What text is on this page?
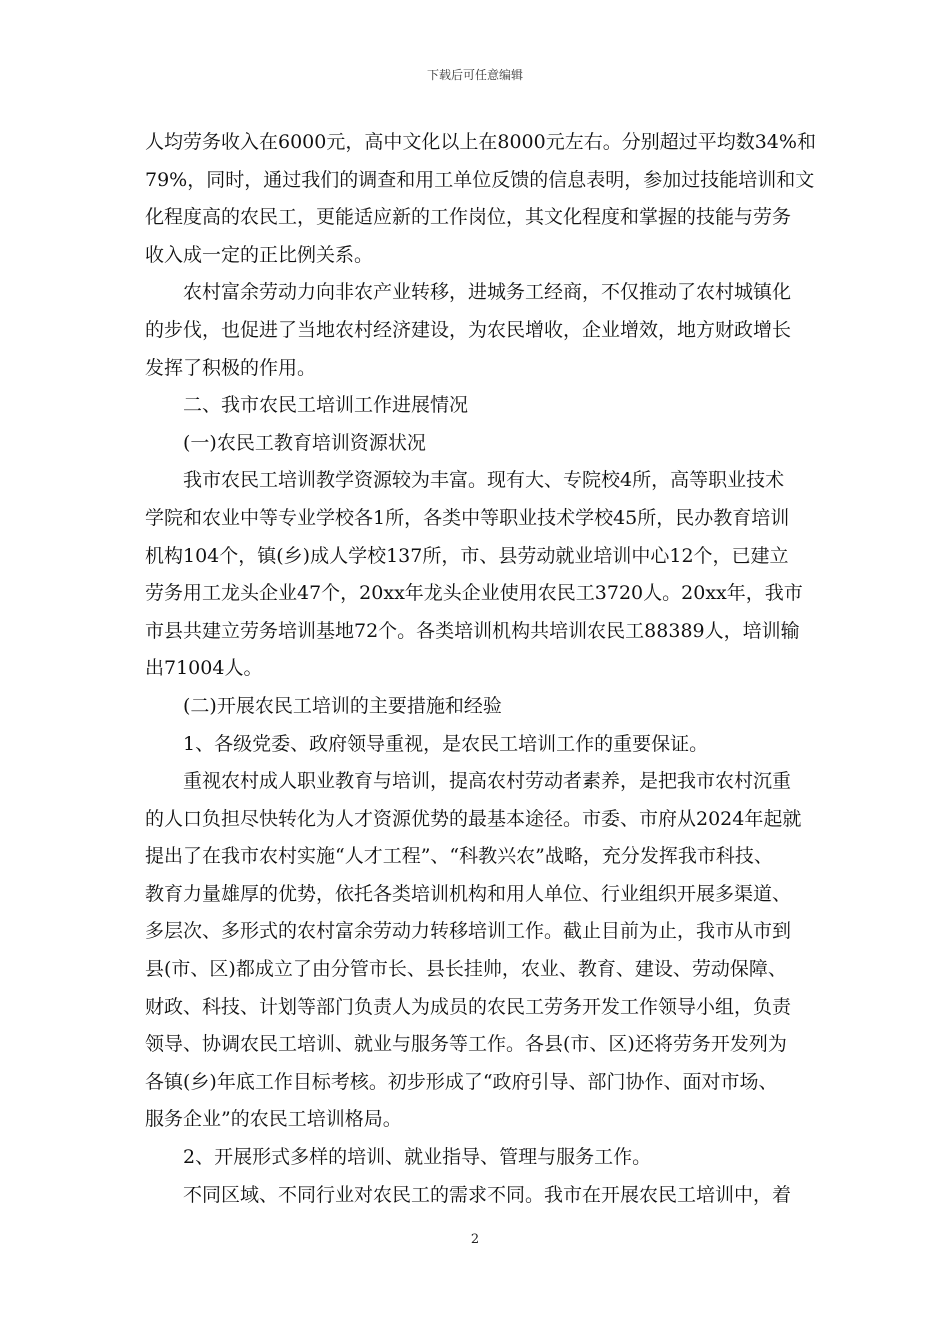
下载后可任意编辑
人均劳务收入在6000元，高中文化以上在8000元左右。分别超过平均数34%和
79%，同时，通过我们的调查和用工单位反馈的信息表明，参加过技能培训和文
化程度高的农民工，更能适应新的工作岗位，其文化程度和掌握的技能与劳务
收入成一定的正比例关系。
农村富余劳动力向非农产业转移，进城务工经商，不仅推动了农村城镇化
的步伐，也促进了当地农村经济建设，为农民增收，企业增效，地方财政增长
发挥了积极的作用。
二、我市农民工培训工作进展情况
(一)农民工教育培训资源状况
我市农民工培训教学资源较为丰富。现有大、专院校4所，高等职业技术
学院和农业中等专业学校各1所，各类中等职业技术学校45所，民办教育培训
机构104个，镇(乡)成人学校137所，市、县劳动就业培训中心12个，已建立
劳务用工龙头企业47个，20xx年龙头企业使用农民工3720人。20xx年，我市
市县共建立劳务培训基地72个。各类培训机构共培训农民工88389人，培训输
出71004人。
(二)开展农民工培训的主要措施和经验
1、各级党委、政府领导重视，是农民工培训工作的重要保证。
重视农村成人职业教育与培训，提高农村劳动者素养，是把我市农村沉重
的人口负担尽快转化为人才资源优势的最基本途径。市委、市府从2024年起就
提出了在我市农村实施“人才工程”、“科教兴农”战略，充分发挥我市科技、
教育力量雄厚的优势，依托各类培训机构和用人单位、行业组织开展多渠道、
多层次、多形式的农村富余劳动力转移培训工作。截止目前为止，我市从市到
县(市、区)都成立了由分管市长、县长挂帅，农业、教育、建设、劳动保障、
财政、科技、计划等部门负责人为成员的农民工劳务开发工作领导小组，负责
领导、协调农民工培训、就业与服务等工作。各县(市、区)还将劳务开发列为
各镇(乡)年底工作目标考核。初步形成了“政府引导、部门协作、面对市场、
服务企业”的农民工培训格局。
2、开展形式多样的培训、就业指导、管理与服务工作。
不同区域、不同行业对农民工的需求不同。我市在开展农民工培训中，着
2
